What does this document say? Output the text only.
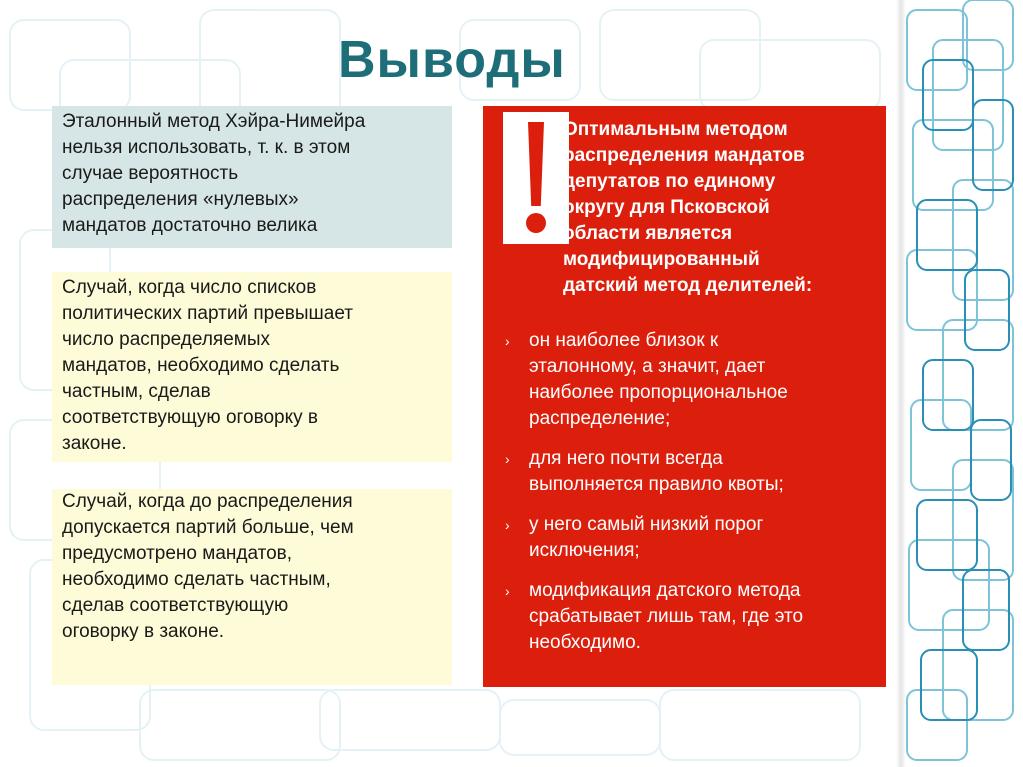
Выводы

Эталонный метод Хэйра-Нимейра
нельзя использовать, т. к. в этом
случае вероятность
распределения «нулевых»
мандатов достаточно велика

Случай, когда число списков
политических партий превышает
число распределяемых
мандатов, необходимо сделать
частным, сделав
соответствующую оговорку в
законе.

Случай, когда до распределения
допускается партий больше, чем
предусмотрено мандатов,
необходимо сделать частным,
сделав соответствующую
оговорку в законе.

Оптимальным методом
распределения мандатов
депутатов по единому
округу для Псковской
области является
модифицированный
датский метод делителей:
› он наиболее близок к
эталонному, а значит, дает
наиболее пропорциональное
распределение;
› для него почти всегда
выполняется правило квоты;
› у него самый низкий порог
исключения;
› модификация датского метода
срабатывает лишь там, где это
необходимо.
